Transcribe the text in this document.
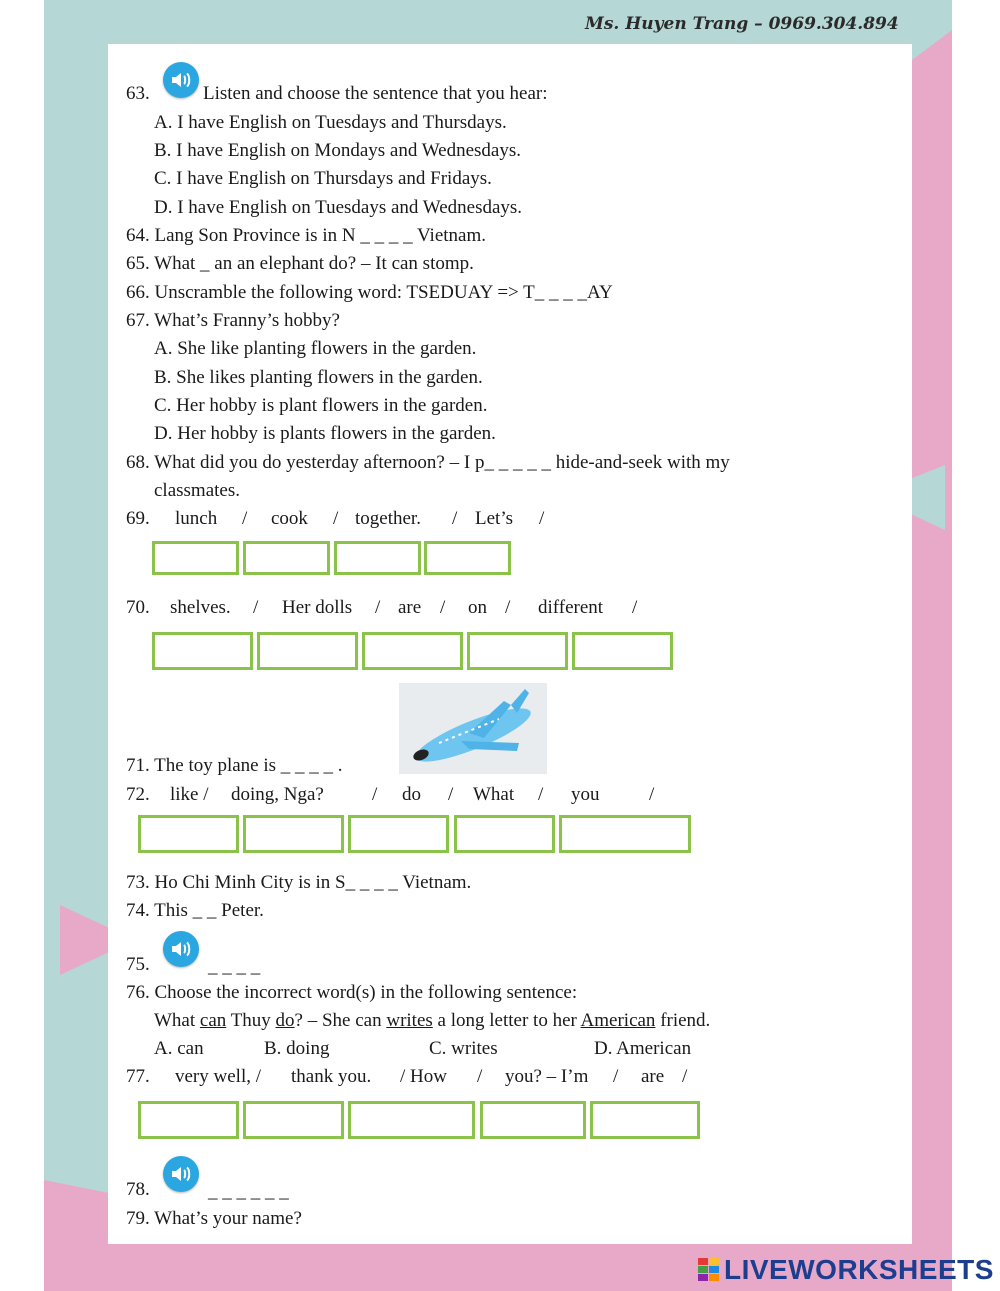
Ms. Huyen Trang – 0969.304.894
63.	Listen and choose the sentence that you hear:
A. I have English on Tuesdays and Thursdays.
B. I have English on Mondays and Wednesdays.
C. I have English on Thursdays and Fridays.
D. I have English on Tuesdays and Wednesdays.
64. Lang Son Province is in N _ _ _ _ Vietnam.
65. What _ an an elephant do? – It can stomp.
66. Unscramble the following word: TSEDUAY => T_ _ _ _AY
67. What’s Franny’s hobby?
A. She like planting flowers in the garden.
B. She likes planting flowers in the garden.
C. Her hobby is plant flowers in the garden.
D. Her hobby is plants flowers in the garden.
68. What did you do yesterday afternoon? – I p_ _ _ _ _ hide-and-seek with my
classmates.
69. lunch / cook / together. / Let’s /
70. shelves. / Her dolls / are / on / different /
71. The toy plane is _ _ _ _ .
72. like / doing, Nga?	/ do / What / you	/
73. Ho Chi Minh City is in S_ _ _ _ Vietnam.
74. This _ _ Peter.
75.	_ _ _ _
76. Choose the incorrect word(s) in the following sentence:
What can Thuy do? – She can writes a long letter to her American friend.
A. can	B. doing	C. writes	D. American
77. very well, / thank you. / How / you? – I’m / are /
78.	_ _ _ _ _ _
79. What’s your name?
LIVEWORKSHEETS
